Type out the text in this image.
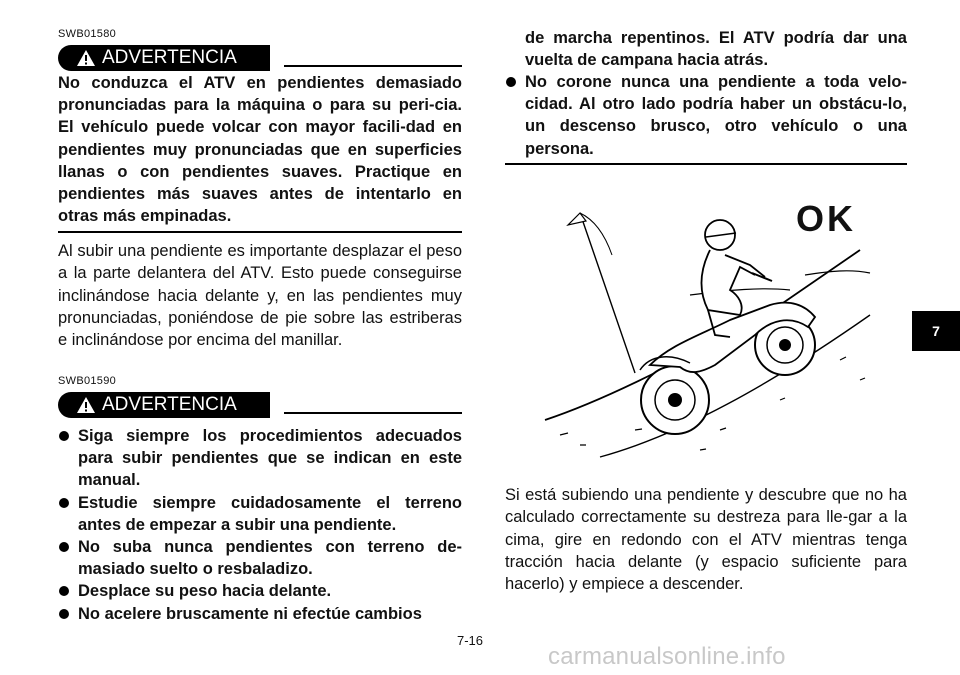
SWB01580
ADVERTENCIA
No conduzca el ATV en pendientes demasiado pronunciadas para la máquina o para su peri-cia. El vehículo puede volcar con mayor facili-dad en pendientes muy pronunciadas que en superficies llanas o con pendientes suaves. Practique en pendientes más suaves antes de intentarlo en otras más empinadas.
Al subir una pendiente es importante desplazar el peso a la parte delantera del ATV. Esto puede conseguirse inclinándose hacia delante y, en las pendientes muy pronunciadas, poniéndose de pie sobre las estriberas e inclinándose por encima del manillar.
SWB01590
ADVERTENCIA
Siga siempre los procedimientos adecuados para subir pendientes que se indican en este manual.
Estudie siempre cuidadosamente el terreno antes de empezar a subir una pendiente.
No suba nunca pendientes con terreno de-masiado suelto o resbaladizo.
Desplace su peso hacia delante.
No acelere bruscamente ni efectúe cambios
de marcha repentinos. El ATV podría dar una vuelta de campana hacia atrás.
No corone nunca una pendiente a toda velo-cidad. Al otro lado podría haber un obstácu-lo, un descenso brusco, otro vehículo o una persona.
OK
Si está subiendo una pendiente y descubre que no ha calculado correctamente su destreza para lle-gar a la cima, gire en redondo con el ATV mientras tenga tracción hacia delante (y espacio suficiente para hacerlo) y empiece a descender.
7
7-16
carmanualsonline.info
